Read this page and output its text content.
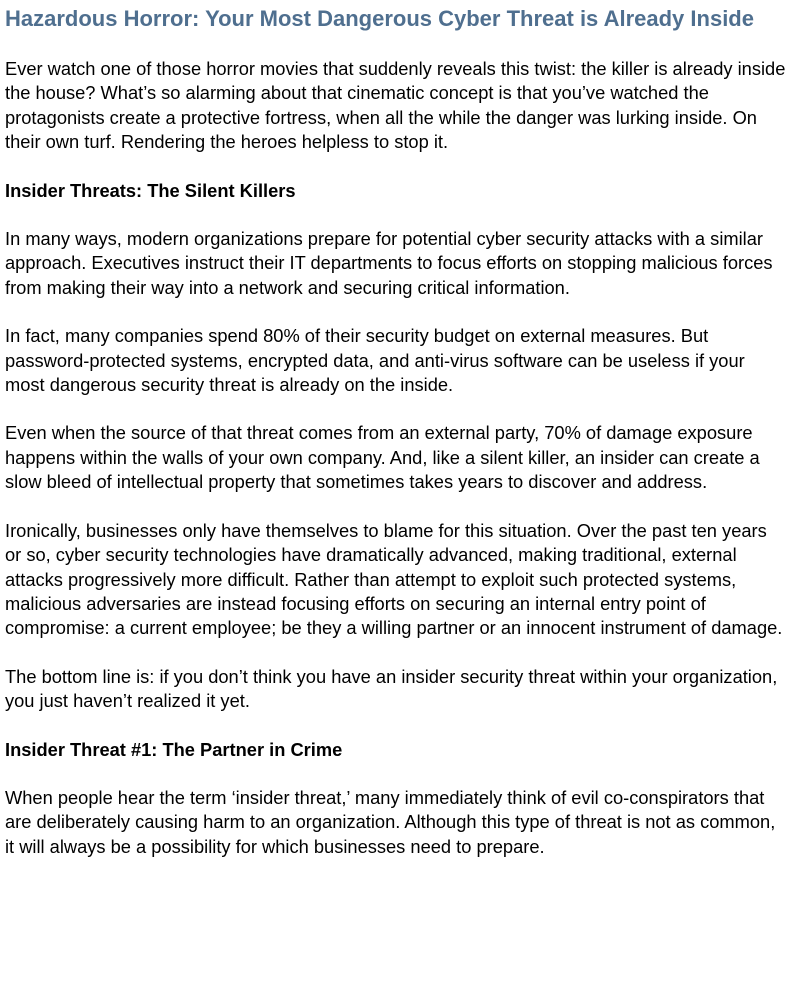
Hazardous Horror: Your Most Dangerous Cyber Threat is Already Inside

Ever watch one of those horror movies that suddenly reveals this twist: the killer is already inside the house? What’s so alarming about that cinematic concept is that you’ve watched the protagonists create a protective fortress, when all the while the danger was lurking inside. On their own turf. Rendering the heroes helpless to stop it.

Insider Threats: The Silent Killers

In many ways, modern organizations prepare for potential cyber security attacks with a similar approach. Executives instruct their IT departments to focus efforts on stopping malicious forces from making their way into a network and securing critical information.

In fact, many companies spend 80% of their security budget on external measures. But password-protected systems, encrypted data, and anti-virus software can be useless if your most dangerous security threat is already on the inside.

Even when the source of that threat comes from an external party, 70% of damage exposure happens within the walls of your own company. And, like a silent killer, an insider can create a slow bleed of intellectual property that sometimes takes years to discover and address.

Ironically, businesses only have themselves to blame for this situation. Over the past ten years or so, cyber security technologies have dramatically advanced, making traditional, external attacks progressively more difficult. Rather than attempt to exploit such protected systems, malicious adversaries are instead focusing efforts on securing an internal entry point of compromise: a current employee; be they a willing partner or an innocent instrument of damage.

The bottom line is: if you don’t think you have an insider security threat within your organization, you just haven’t realized it yet.

Insider Threat #1: The Partner in Crime

When people hear the term ‘insider threat,’ many immediately think of evil co-conspirators that are deliberately causing harm to an organization. Although this type of threat is not as common, it will always be a possibility for which businesses need to prepare.
